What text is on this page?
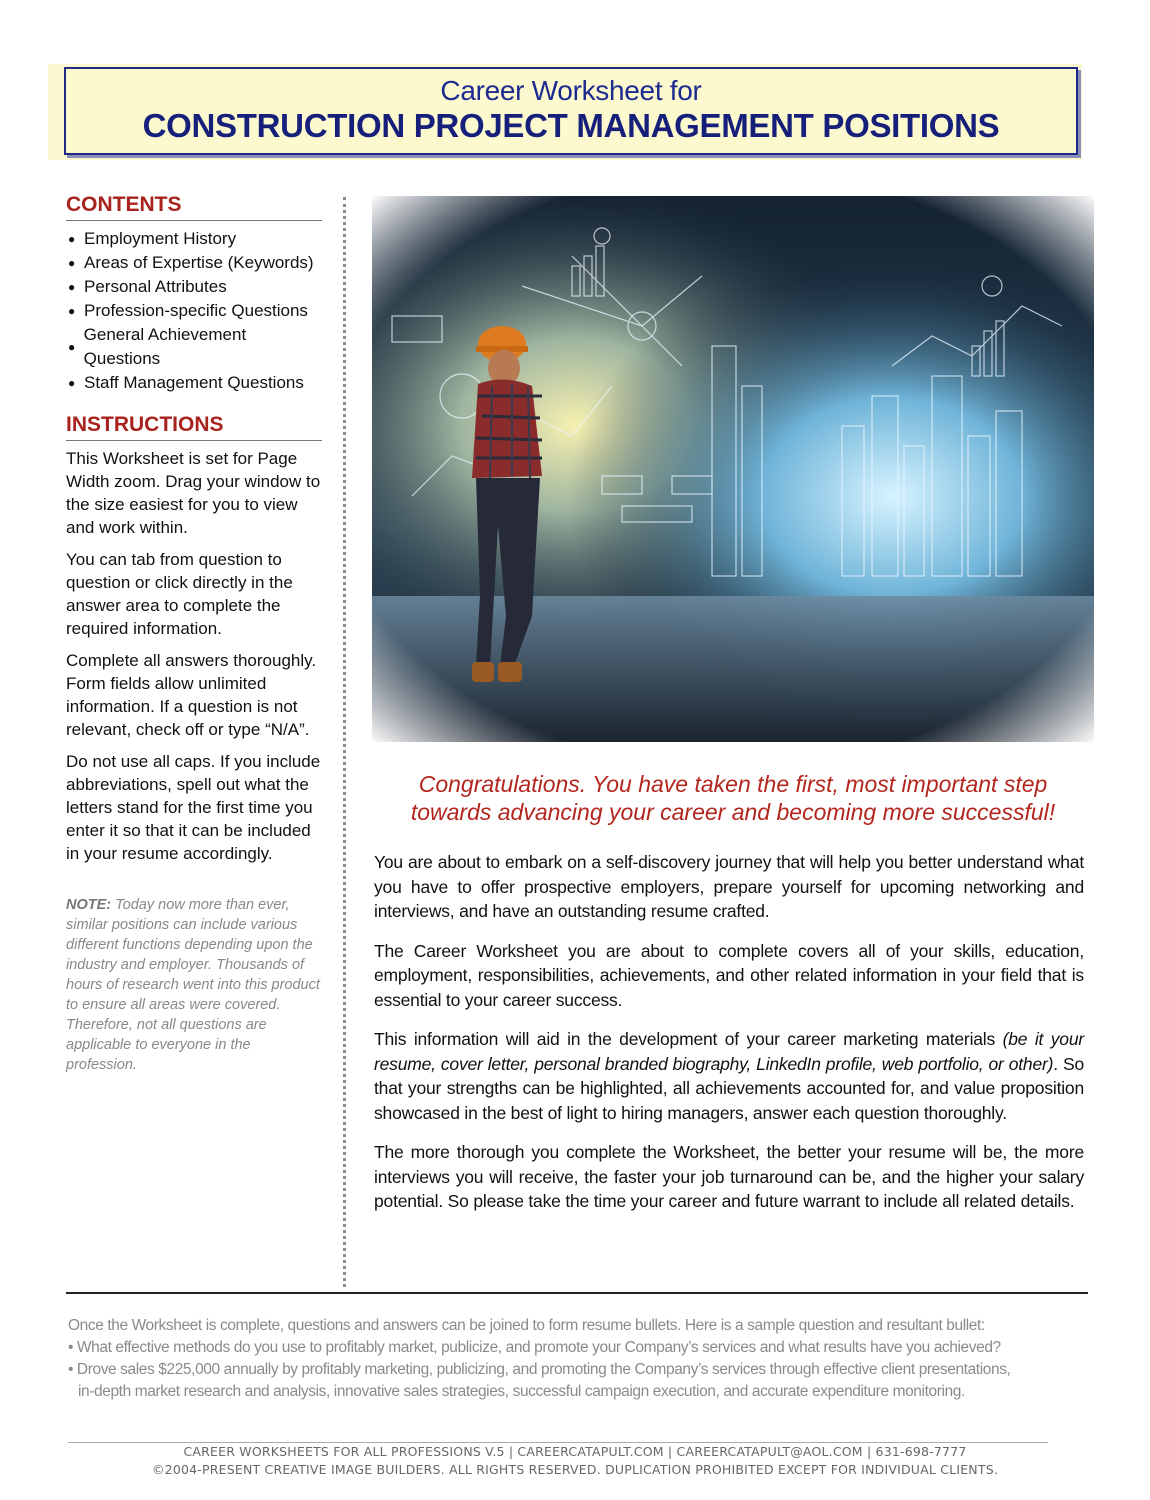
Career Worksheet for
CONSTRUCTION PROJECT MANAGEMENT POSITIONS
CONTENTS
● Employment History
● Areas of Expertise (Keywords)
● Personal Attributes
● Profession-specific Questions
●
General Achievement Questions
● Staff Management Questions
INSTRUCTIONS

This Worksheet is set for Page Width zoom. Drag your window to the size easiest for you to view and work within.

You can tab from question to question or click directly in the answer area to complete the required information.

Complete all answers thoroughly. Form fields allow unlimited information. If a question is not relevant, check off or type “N/A”.

Do not use all caps. If you include abbreviations, spell out what the letters stand for the first time you enter it so that it can be included in your resume accordingly.

NOTE: Today now more than ever, similar positions can include various different functions depending upon the industry and employer. Thousands of hours of research went into this product to ensure all areas were covered. Therefore, not all questions are applicable to everyone in the profession.
Congratulations. You have taken the first, most important step
towards advancing your career and becoming more successful!

You are about to embark on a self-discovery journey that will help you better understand what you have to offer prospective employers, prepare yourself for upcoming networking and interviews, and have an outstanding resume crafted.

The Career Worksheet you are about to complete covers all of your skills, education, employment, responsibilities, achievements, and other related information in your field that is essential to your career success.

This information will aid in the development of your career marketing materials (be it your resume, cover letter, personal branded biography, LinkedIn profile, web portfolio, or other). So that your strengths can be highlighted, all achievements accounted for, and value proposition showcased in the best of light to hiring managers, answer each question thoroughly.

The more thorough you complete the Worksheet, the better your resume will be, the more interviews you will receive, the faster your job turnaround can be, and the higher your salary potential. So please take the time your career and future warrant to include all related details.

Once the Worksheet is complete, questions and answers can be joined to form resume bullets. Here is a sample question and resultant bullet:
• What effective methods do you use to profitably market, publicize, and promote your Company’s services and what results have you achieved?
• Drove sales $225,000 annually by profitably marketing, publicizing, and promoting the Company’s services through effective client presentations,
in-depth market research and analysis, innovative sales strategies, successful campaign execution, and accurate expenditure monitoring.
CAREER WORKSHEETS FOR ALL PROFESSIONS V.5 | CAREERCATAPULT.COM | CAREERCATAPULT@AOL.COM | 631-698-7777
©2004-PRESENT CREATIVE IMAGE BUILDERS. ALL RIGHTS RESERVED. DUPLICATION PROHIBITED EXCEPT FOR INDIVIDUAL CLIENTS.
